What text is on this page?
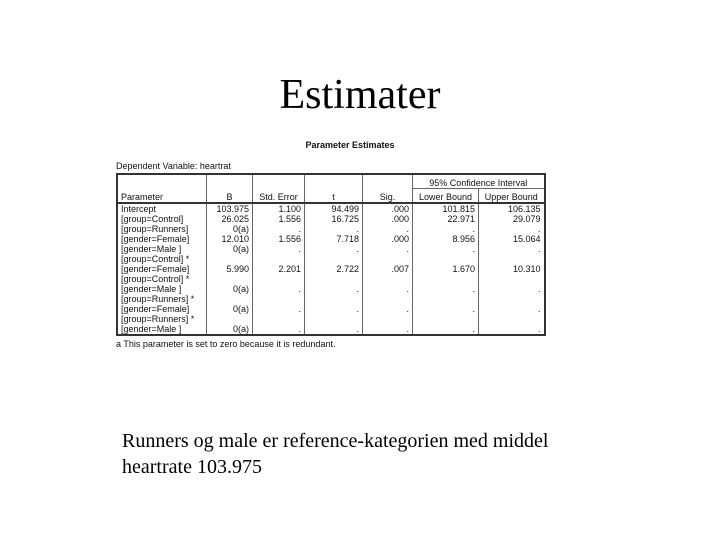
Estimater
Parameter Estimates
Dependent Variable: heartrat
					95% Confidence Interval	
Parameter	B	Std. Error	t	Sig.	Lower Bound	Upper Bound

Intercept	103.975	1.100	94.499	.000	101.815	106.135

[group=Control]	26.025	1.556	16.725	.000	22.971	29.079

[group=Runners]	0(a)	.	.	.	.	.

[gender=Female]	12.010	1.556	7.718	.000	8.956	15.064

[gender=Male ]	0(a)	.	.	.	.	.

[group=Control] *
[gender=Female]	5.990	2.201	2.722	.007	1.670	10.310

[group=Control] *
[gender=Male ]	0(a)	.	.	.	.	.

[group=Runners] *
[gender=Female]	0(a)	.	.	.	.	.

[group=Runners] *
[gender=Male ]	0(a)	.	.	.	.	.
a This parameter is set to zero because it is redundant.
Runners og male er reference-kategorien med middel
heartrate 103.975
